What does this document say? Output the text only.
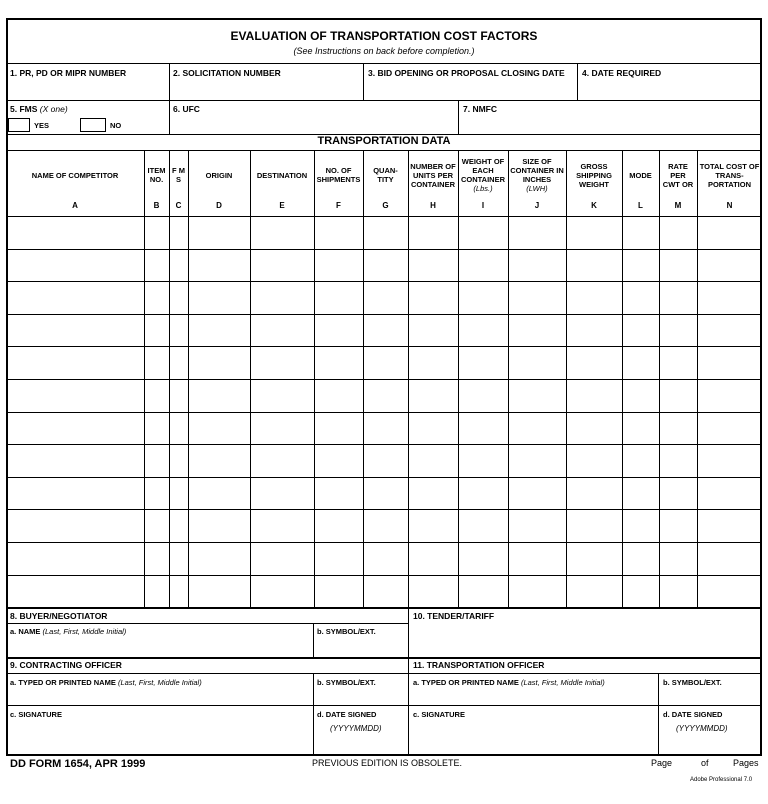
EVALUATION OF TRANSPORTATION COST FACTORS
(See Instructions on back before completion.)
1. PR, PD OR MIPR NUMBER	2. SOLICITATION NUMBER	3. BID OPENING OR PROPOSAL CLOSING DATE 4. DATE REQUIRED
5. FMS (X one)
YES	NO
6. UFC	7. NMFC
TRANSPORTATION DATA
NAME OF COMPETITOR
A
ITEM NO.
B
F M S
C
ORIGIN
D
DESTINATION
E
NO. OF SHIPMENTS
F
QUAN- TITY
G
NUMBER OF UNITS PER CONTAINER
H
WEIGHT OF EACH CONTAINER
(Lbs.)
I
SIZE OF CONTAINER IN INCHES
(LWH)
J
GROSS SHIPPING WEIGHT
K
MODE
L
RATE PER CWT OR
M
TOTAL COST OF TRANS- PORTATION
N
8. BUYER/NEGOTIATOR
a. NAME (Last, First, Middle Initial)	b. SYMBOL/EXT.
10. TENDER/TARIFF
9. CONTRACTING OFFICER
a. TYPED OR PRINTED NAME (Last, First, Middle Initial)	b. SYMBOL/EXT.
c. SIGNATURE	d. DATE SIGNED
(YYYYMMDD)
11. TRANSPORTATION OFFICER
a. TYPED OR PRINTED NAME (Last, First, Middle Initial)	b. SYMBOL/EXT.
c. SIGNATURE	d. DATE SIGNED
(YYYYMMDD)
DD FORM 1654, APR 1999	PREVIOUS EDITION IS OBSOLETE.	Page	of	Pages
Adobe Professional 7.0
